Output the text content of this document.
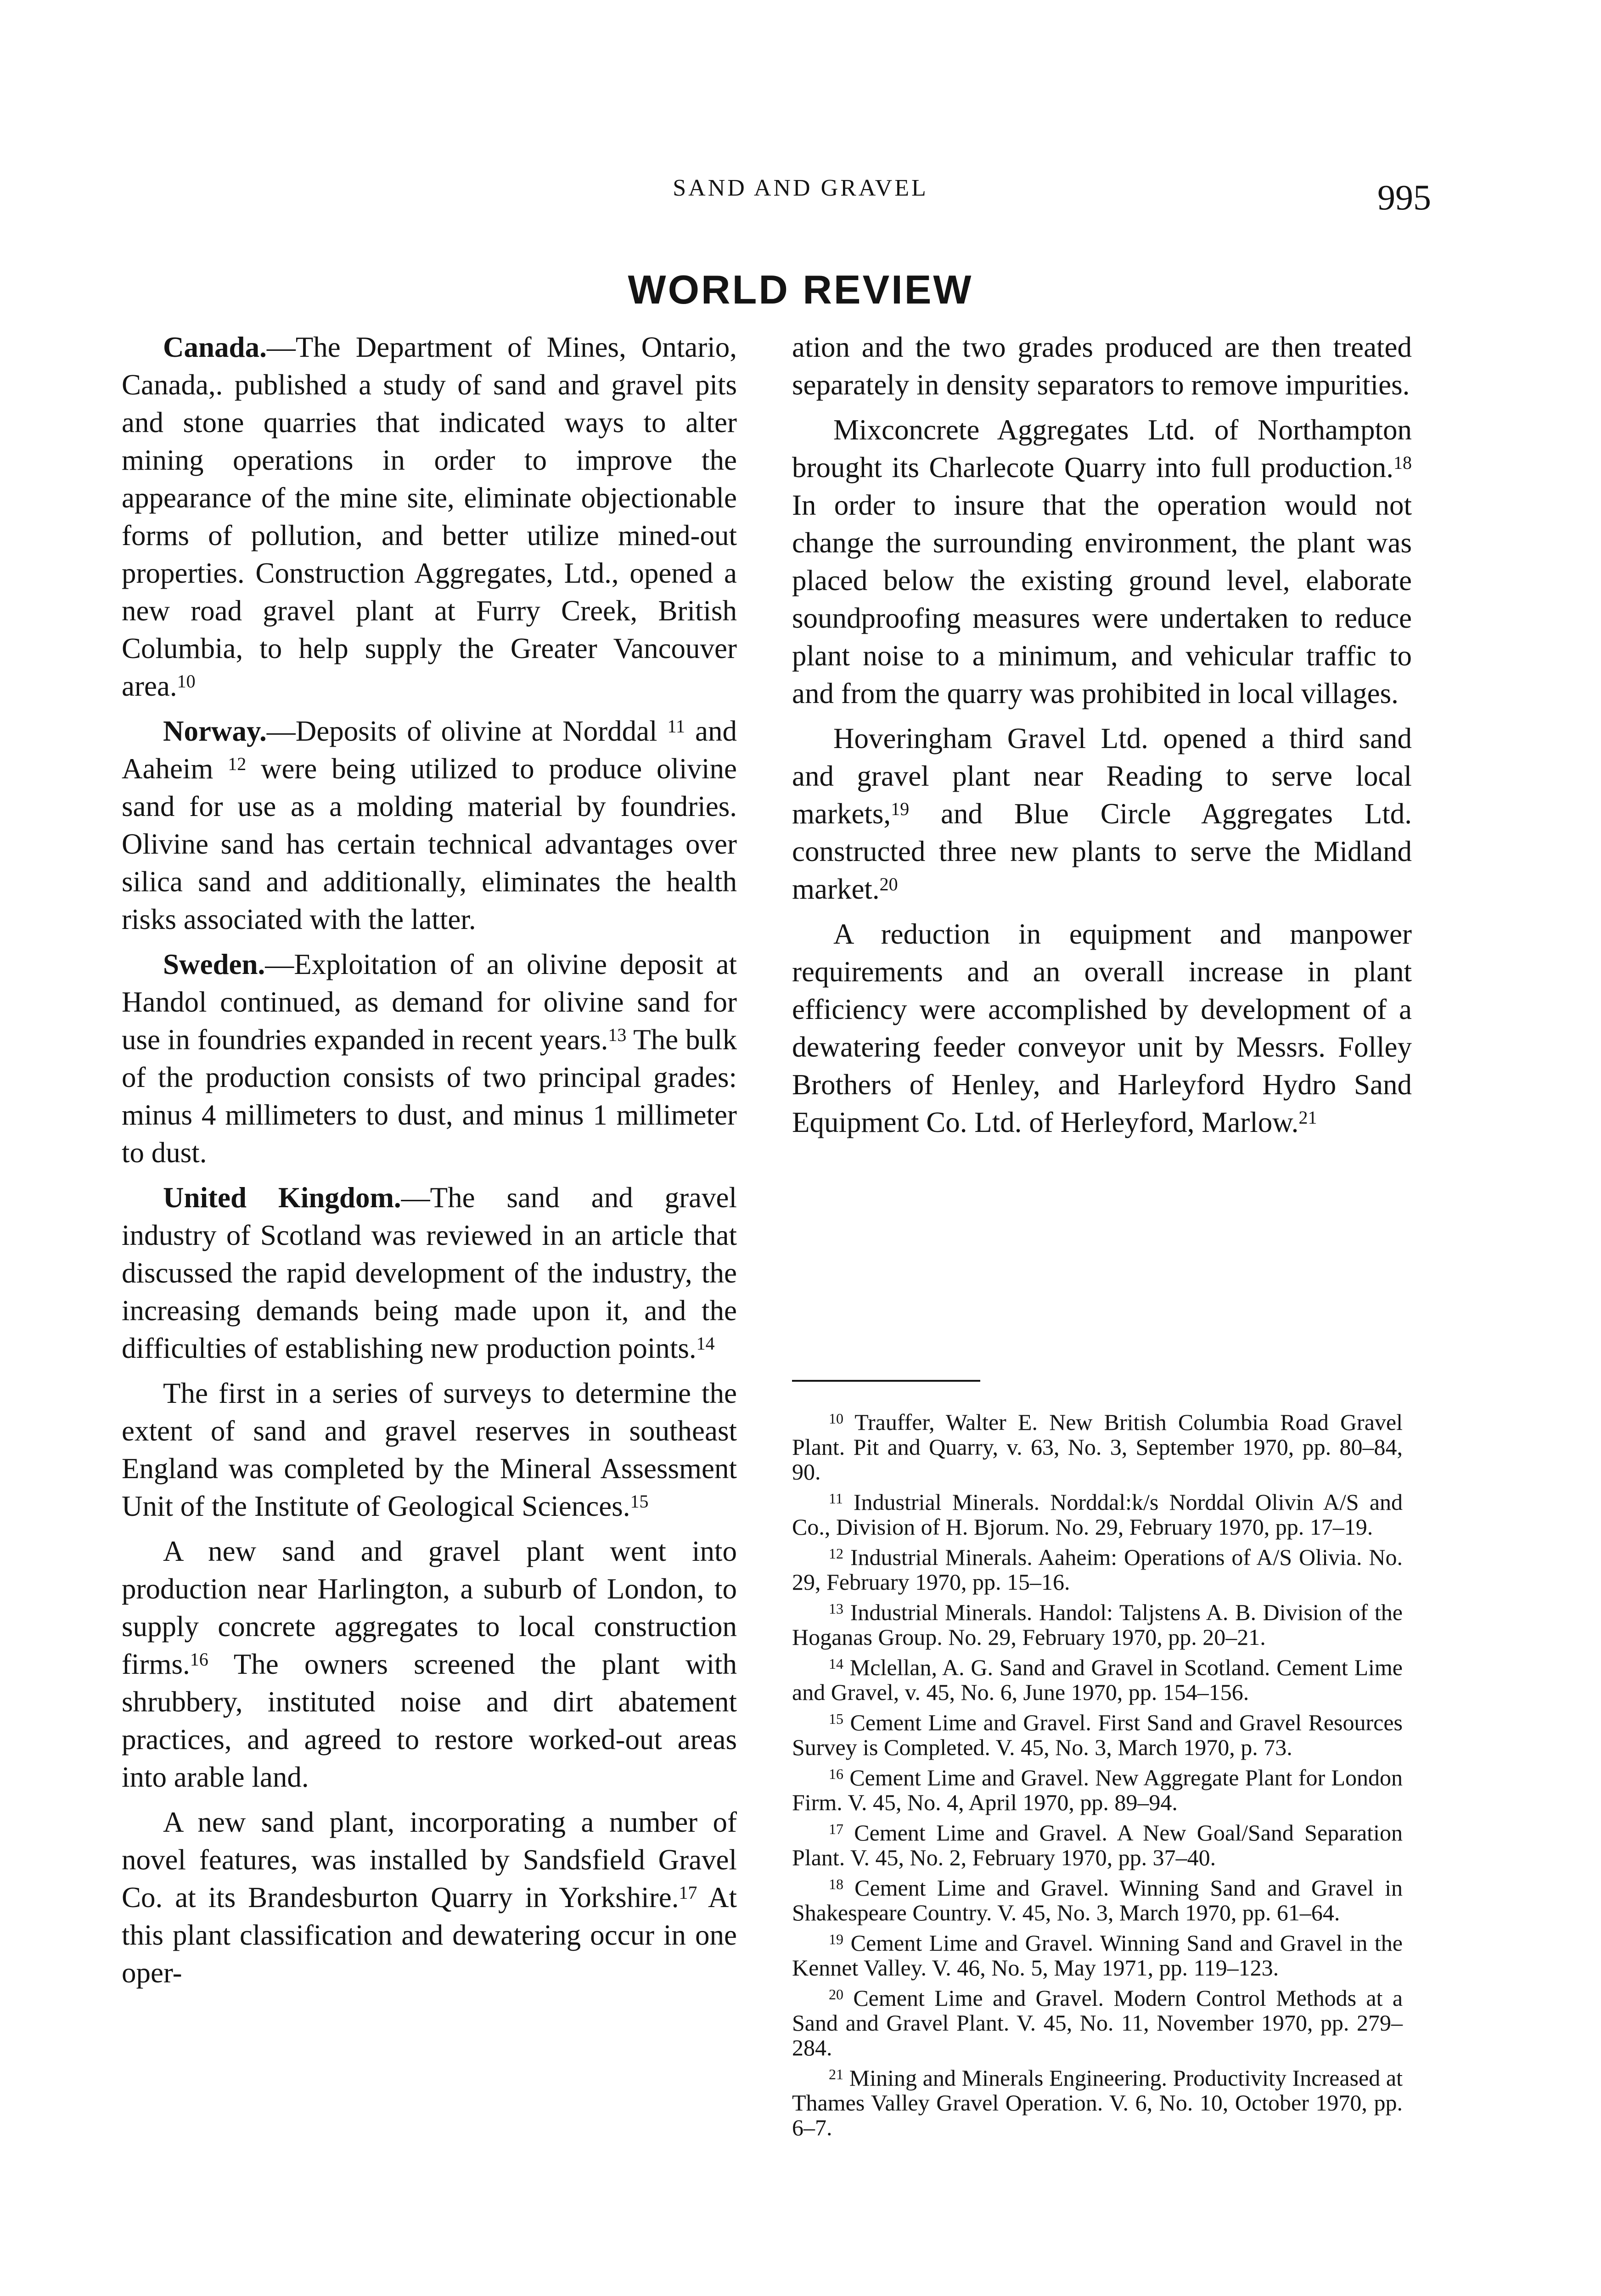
SAND AND GRAVEL	995
WORLD REVIEW

Canada.—The Department of Mines, Ontario, Canada,. published a study of sand and gravel pits and stone quarries that indicated ways to alter mining operations in order to improve the appearance of the mine site, eliminate objectionable forms of pollution, and better utilize mined-out properties. Construction Aggregates, Ltd., opened a new road gravel plant at Furry Creek, British Columbia, to help supply the Greater Vancouver area.$^{10}$

Norway.—Deposits of olivine at Norddal $^{11}$ and Aaheim $^{12}$ were being utilized to produce olivine sand for use as a molding material by foundries. Olivine sand has certain technical advantages over silica sand and additionally, eliminates the health risks associated with the latter.

Sweden.—Exploitation of an olivine deposit at Handol continued, as demand for olivine sand for use in foundries expanded in recent years.$^{13}$ The bulk of the production consists of two principal grades: minus 4 millimeters to dust, and minus 1 millimeter to dust.

United Kingdom.—The sand and gravel industry of Scotland was reviewed in an article that discussed the rapid development of the industry, the increasing demands being made upon it, and the difficulties of establishing new production points.$^{14}$

The first in a series of surveys to determine the extent of sand and gravel reserves in southeast England was completed by the Mineral Assessment Unit of the Institute of Geological Sciences.$^{15}$

A new sand and gravel plant went into production near Harlington, a suburb of London, to supply concrete aggregates to local construction firms.$^{16}$ The owners screened the plant with shrubbery, instituted noise and dirt abatement practices, and agreed to restore worked-out areas into arable land.

A new sand plant, incorporating a number of novel features, was installed by Sandsfield Gravel Co. at its Brandesburton Quarry in Yorkshire.$^{17}$ At this plant classification and dewatering occur in one oper-

ation and the two grades produced are then treated separately in density separators to remove impurities.

Mixconcrete Aggregates Ltd. of Northampton brought its Charlecote Quarry into full production.$^{18}$ In order to insure that the operation would not change the surrounding environment, the plant was placed below the existing ground level, elaborate soundproofing measures were undertaken to reduce plant noise to a minimum, and vehicular traffic to and from the quarry was prohibited in local villages.

Hoveringham Gravel Ltd. opened a third sand and gravel plant near Reading to serve local markets,$^{19}$ and Blue Circle Aggregates Ltd. constructed three new plants to serve the Midland market.$^{20}$

A reduction in equipment and manpower requirements and an overall increase in plant efficiency were accomplished by development of a dewatering feeder conveyor unit by Messrs. Folley Brothers of Henley, and Harleyford Hydro Sand Equipment Co. Ltd. of Herleyford, Marlow.$^{21}$

$^{10}$ Trauffer, Walter E. New British Columbia Road Gravel Plant. Pit and Quarry, v. 63, No. 3, September 1970, pp. 80–84, 90.
$^{11}$ Industrial Minerals. Norddal:k/s Norddal Olivin A/S and Co., Division of H. Bjorum. No. 29, February 1970, pp. 17–19.
$^{12}$ Industrial Minerals. Aaheim: Operations of A/S Olivia. No. 29, February 1970, pp. 15–16.
$^{13}$ Industrial Minerals. Handol: Taljstens A. B. Division of the Hoganas Group. No. 29, February 1970, pp. 20–21.
$^{14}$ Mclellan, A. G. Sand and Gravel in Scotland. Cement Lime and Gravel, v. 45, No. 6, June 1970, pp. 154–156.
$^{15}$ Cement Lime and Gravel. First Sand and Gravel Resources Survey is Completed. V. 45, No. 3, March 1970, p. 73.
$^{16}$ Cement Lime and Gravel. New Aggregate Plant for London Firm. V. 45, No. 4, April 1970, pp. 89–94.
$^{17}$ Cement Lime and Gravel. A New Goal/Sand Separation Plant. V. 45, No. 2, February 1970, pp. 37–40.
$^{18}$ Cement Lime and Gravel. Winning Sand and Gravel in Shakespeare Country. V. 45, No. 3, March 1970, pp. 61–64.
$^{19}$ Cement Lime and Gravel. Winning Sand and Gravel in the Kennet Valley. V. 46, No. 5, May 1971, pp. 119–123.
$^{20}$ Cement Lime and Gravel. Modern Control Methods at a Sand and Gravel Plant. V. 45, No. 11, November 1970, pp. 279–284.
$^{21}$ Mining and Minerals Engineering. Productivity Increased at Thames Valley Gravel Operation. V. 6, No. 10, October 1970, pp. 6–7.
